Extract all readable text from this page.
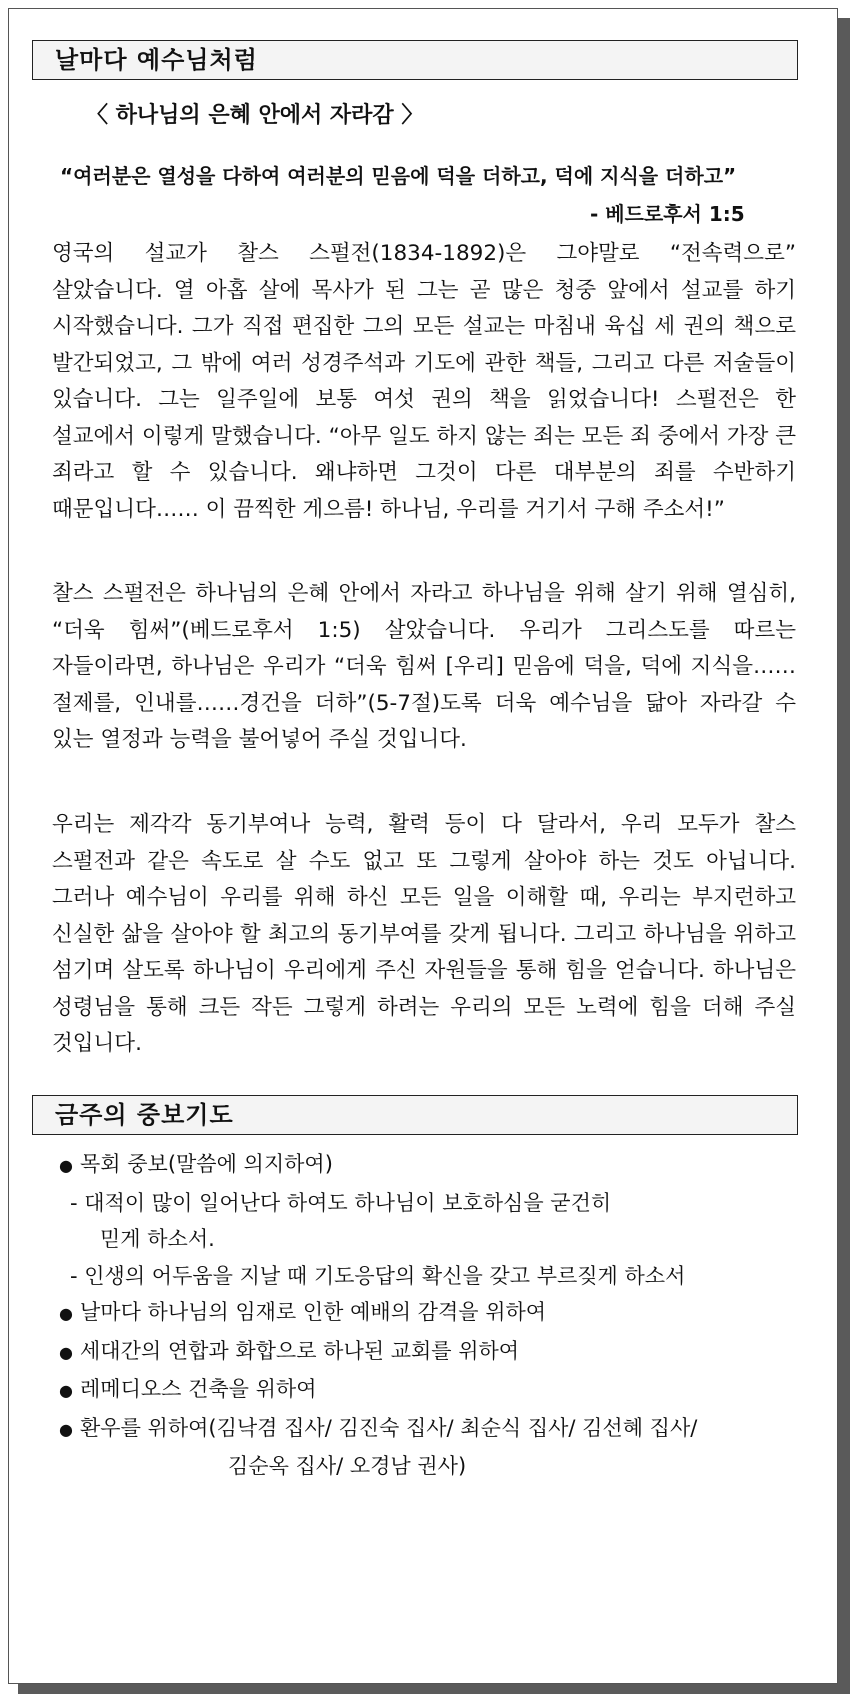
날마다 예수님처럼
〈 하나님의 은혜 안에서 자라감 〉
“여러분은 열성을 다하여 여러분의 믿음에 덕을 더하고, 덕에 지식을 더하고”
- 베드로후서 1:5

영국의 설교가 찰스 스펄전(1834-1892)은 그야말로 “전속력으로” 살았습니다. 열 아홉 살에 목사가 된 그는 곧 많은 청중 앞에서 설교를 하기 시작했습니다. 그가 직접 편집한 그의 모든 설교는 마침내 육십 세 권의 책으로 발간되었고, 그 밖에 여러 성경주석과 기도에 관한 책들, 그리고 다른 저술들이 있습니다. 그는 일주일에 보통 여섯 권의 책을 읽었습니다! 스펄전은 한 설교에서 이렇게 말했습니다. “아무 일도 하지 않는 죄는 모든 죄 중에서 가장 큰 죄라고 할 수 있습니다. 왜냐하면 그것이 다른 대부분의 죄를 수반하기 때문입니다…… 이 끔찍한 게으름! 하나님, 우리를 거기서 구해 주소서!”

찰스 스펄전은 하나님의 은혜 안에서 자라고 하나님을 위해 살기 위해 열심히, “더욱 힘써”(베드로후서 1:5) 살았습니다. 우리가 그리스도를 따르는 자들이라면, 하나님은 우리가 “더욱 힘써 [우리] 믿음에 덕을, 덕에 지식을…… 절제를, 인내를……경건을 더하”(5-7절)도록 더욱 예수님을 닮아 자라갈 수 있는 열정과 능력을 불어넣어 주실 것입니다.

우리는 제각각 동기부여나 능력, 활력 등이 다 달라서, 우리 모두가 찰스 스펄전과 같은 속도로 살 수도 없고 또 그렇게 살아야 하는 것도 아닙니다. 그러나 예수님이 우리를 위해 하신 모든 일을 이해할 때, 우리는 부지런하고 신실한 삶을 살아야 할 최고의 동기부여를 갖게 됩니다. 그리고 하나님을 위하고 섬기며 살도록 하나님이 우리에게 주신 자원들을 통해 힘을 얻습니다. 하나님은 성령님을 통해 크든 작든 그렇게 하려는 우리의 모든 노력에 힘을 더해 주실 것입니다.

금주의 중보기도
● 목회 중보(말씀에 의지하여)
- 대적이 많이 일어난다 하여도 하나님이 보호하심을 굳건히
믿게 하소서.
- 인생의 어두움을 지날 때 기도응답의 확신을 갖고 부르짖게 하소서
● 날마다 하나님의 임재로 인한 예배의 감격을 위하여
● 세대간의 연합과 화합으로 하나된 교회를 위하여
● 레메디오스 건축을 위하여
● 환우를 위하여(김낙겸 집사/ 김진숙 집사/ 최순식 집사/ 김선혜 집사/
김순옥 집사/ 오경남 권사)
